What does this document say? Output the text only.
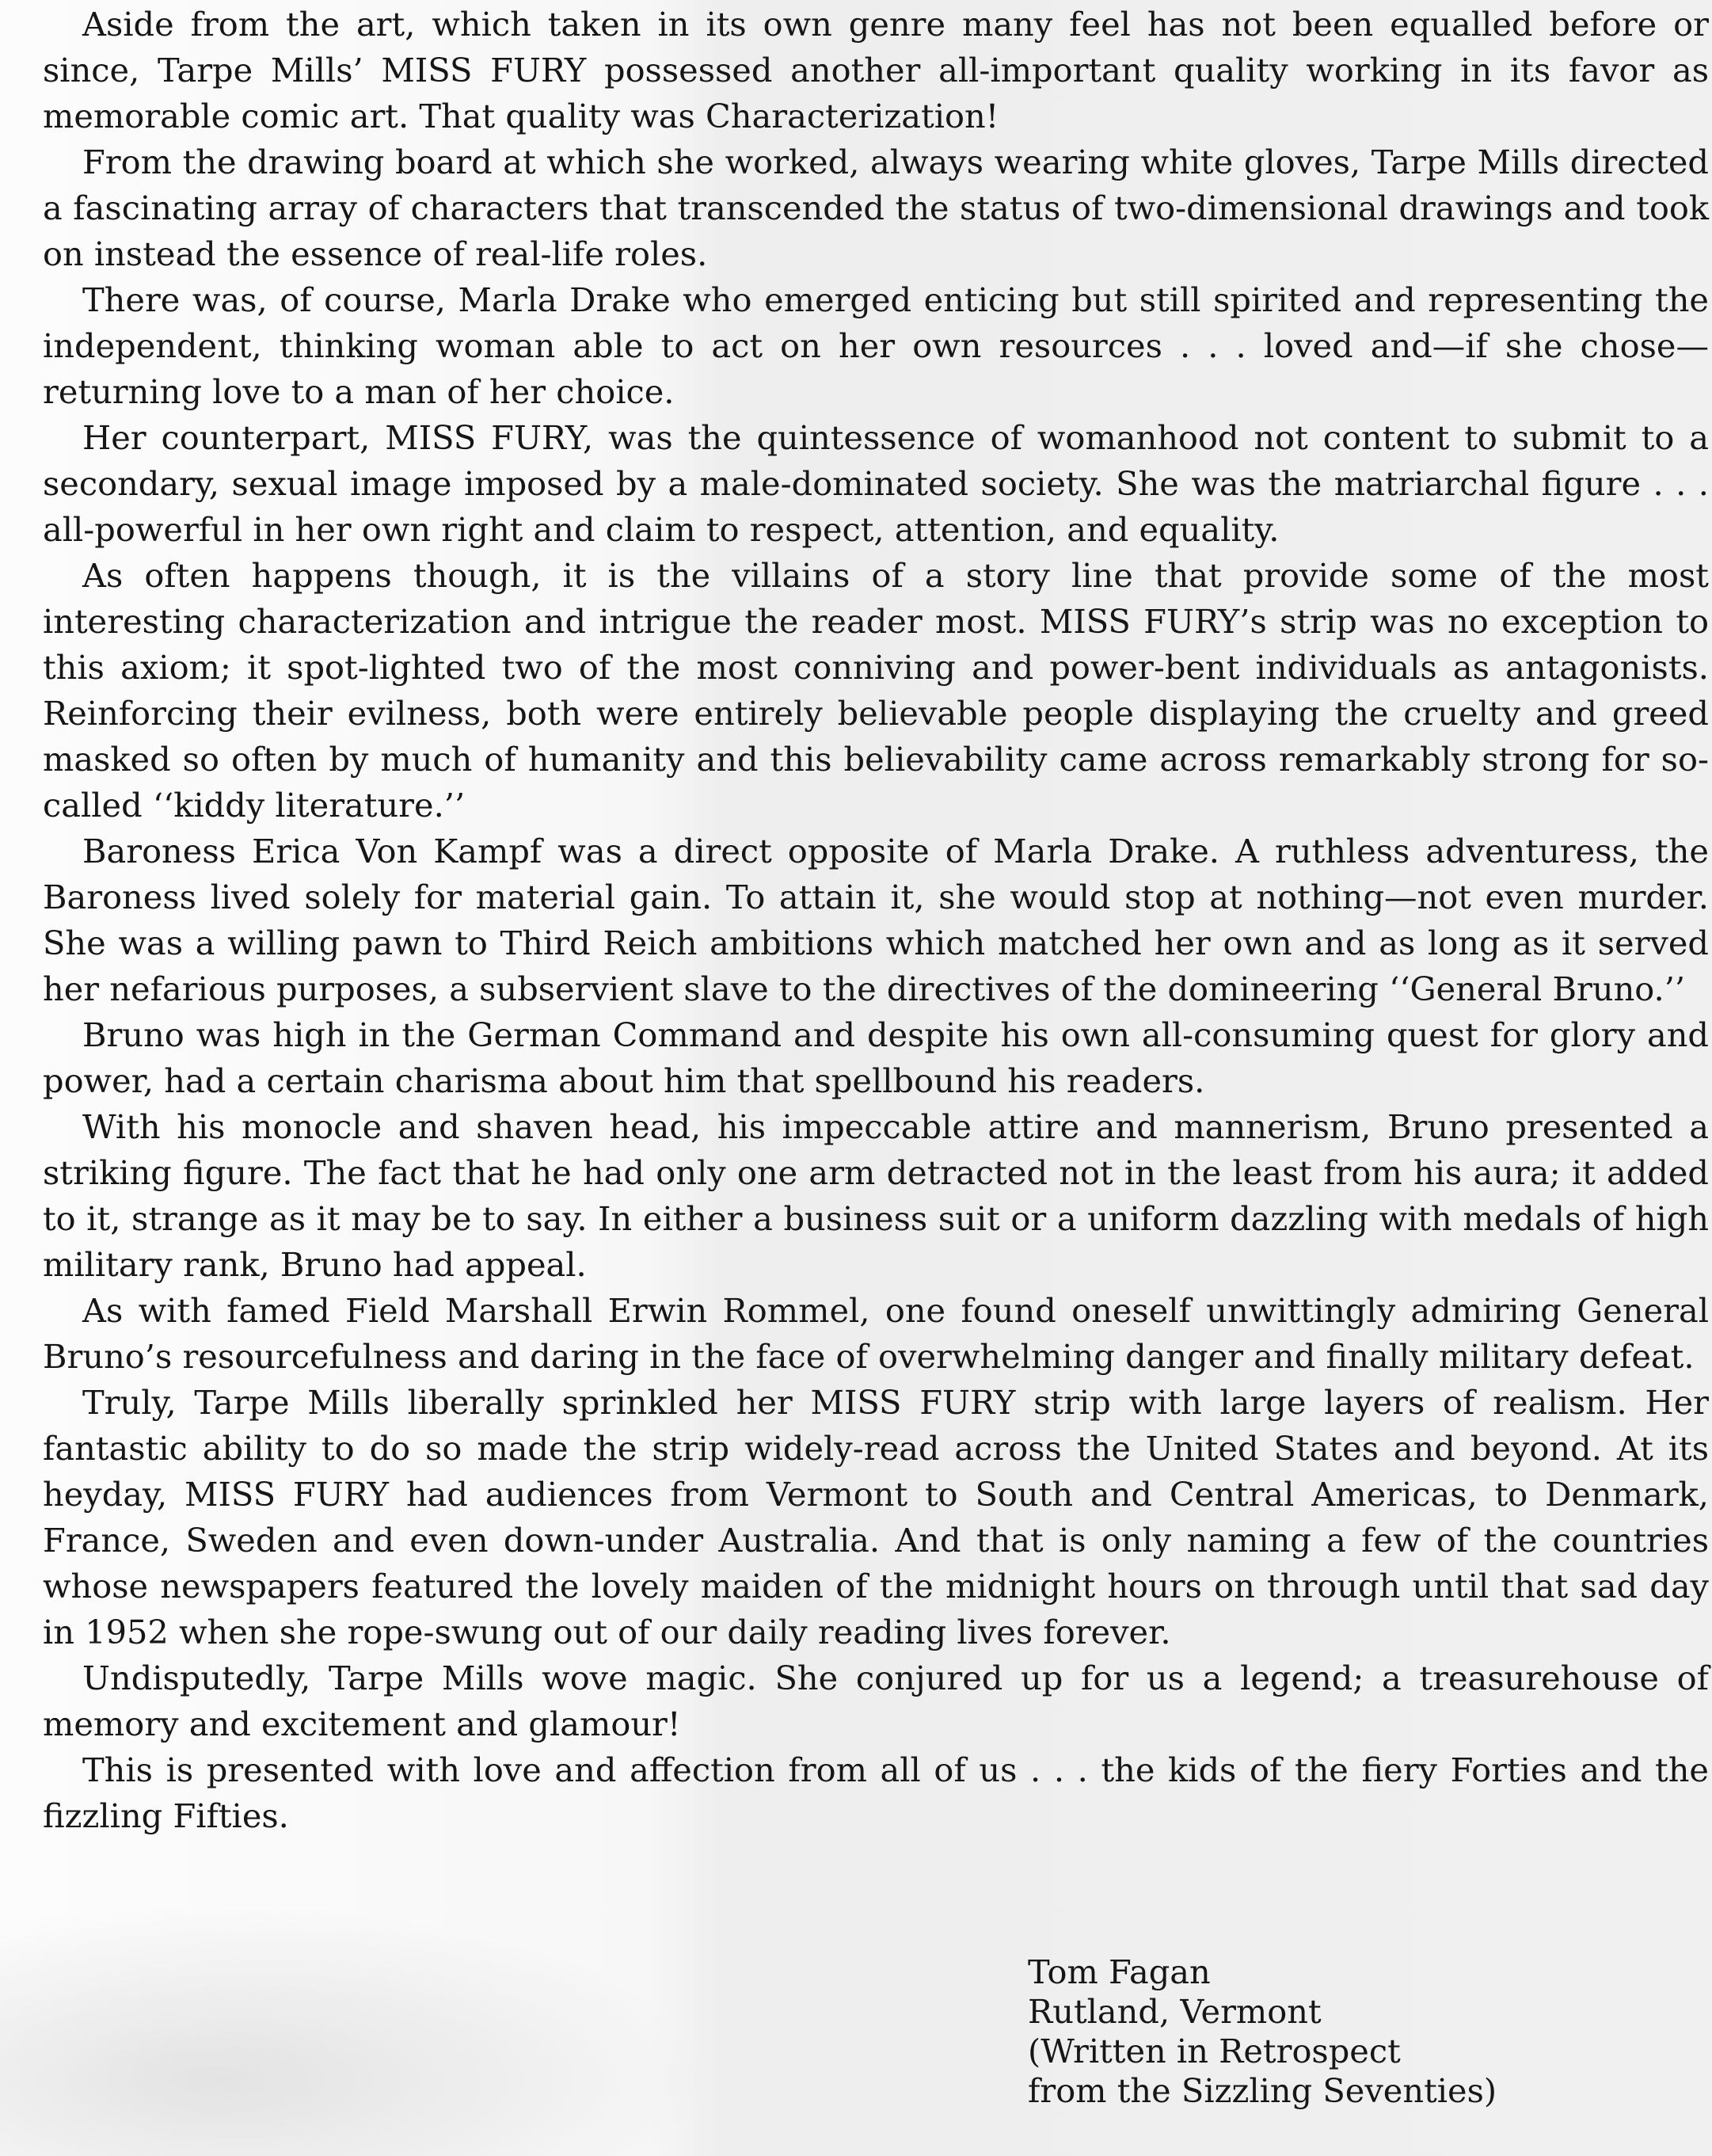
Aside from the art, which taken in its own genre many feel has not been equalled before or since, Tarpe Mills’ MISS FURY possessed another all-important quality working in its favor as memorable comic art. That quality was Characterization!

From the drawing board at which she worked, always wearing white gloves, Tarpe Mills directed a fascinating array of characters that transcended the status of two-dimensional drawings and took on instead the essence of real-life roles.

There was, of course, Marla Drake who emerged enticing but still spirited and representing the independent, thinking woman able to act on her own resources . . . loved and—if she chose—returning love to a man of her choice.

Her counterpart, MISS FURY, was the quintessence of womanhood not content to submit to a secondary, sexual image imposed by a male-dominated society. She was the matriarchal figure . . . all-powerful in her own right and claim to respect, attention, and equality.

As often happens though, it is the villains of a story line that provide some of the most interesting characterization and intrigue the reader most. MISS FURY’s strip was no exception to this axiom; it spot-lighted two of the most conniving and power-bent individuals as antagonists. Reinforcing their evilness, both were entirely believable people displaying the cruelty and greed masked so often by much of humanity and this believability came across remarkably strong for so-called ‘‘kiddy literature.’’

Baroness Erica Von Kampf was a direct opposite of Marla Drake. A ruthless adventuress, the Baroness lived solely for material gain. To attain it, she would stop at nothing—not even murder. She was a willing pawn to Third Reich ambitions which matched her own and as long as it served her nefarious purposes, a subservient slave to the directives of the domineering ‘‘General Bruno.’’

Bruno was high in the German Command and despite his own all-consuming quest for glory and power, had a certain charisma about him that spellbound his readers.

With his monocle and shaven head, his impeccable attire and mannerism, Bruno presented a striking figure. The fact that he had only one arm detracted not in the least from his aura; it added to it, strange as it may be to say. In either a business suit or a uniform dazzling with medals of high military rank, Bruno had appeal.

As with famed Field Marshall Erwin Rommel, one found oneself unwittingly admiring General Bruno’s resourcefulness and daring in the face of overwhelming danger and finally military defeat.

Truly, Tarpe Mills liberally sprinkled her MISS FURY strip with large layers of realism. Her fantastic ability to do so made the strip widely-read across the United States and beyond. At its heyday, MISS FURY had audiences from Vermont to South and Central Americas, to Denmark, France, Sweden and even down-under Australia. And that is only naming a few of the countries whose newspapers featured the lovely maiden of the midnight hours on through until that sad day in 1952 when she rope-swung out of our daily reading lives forever.

Undisputedly, Tarpe Mills wove magic. She conjured up for us a legend; a treasurehouse of memory and excitement and glamour!

This is presented with love and affection from all of us . . . the kids of the fiery Forties and the fizzling Fifties.

Tom Fagan
Rutland, Vermont
(Written in Retrospect
from the Sizzling Seventies)
